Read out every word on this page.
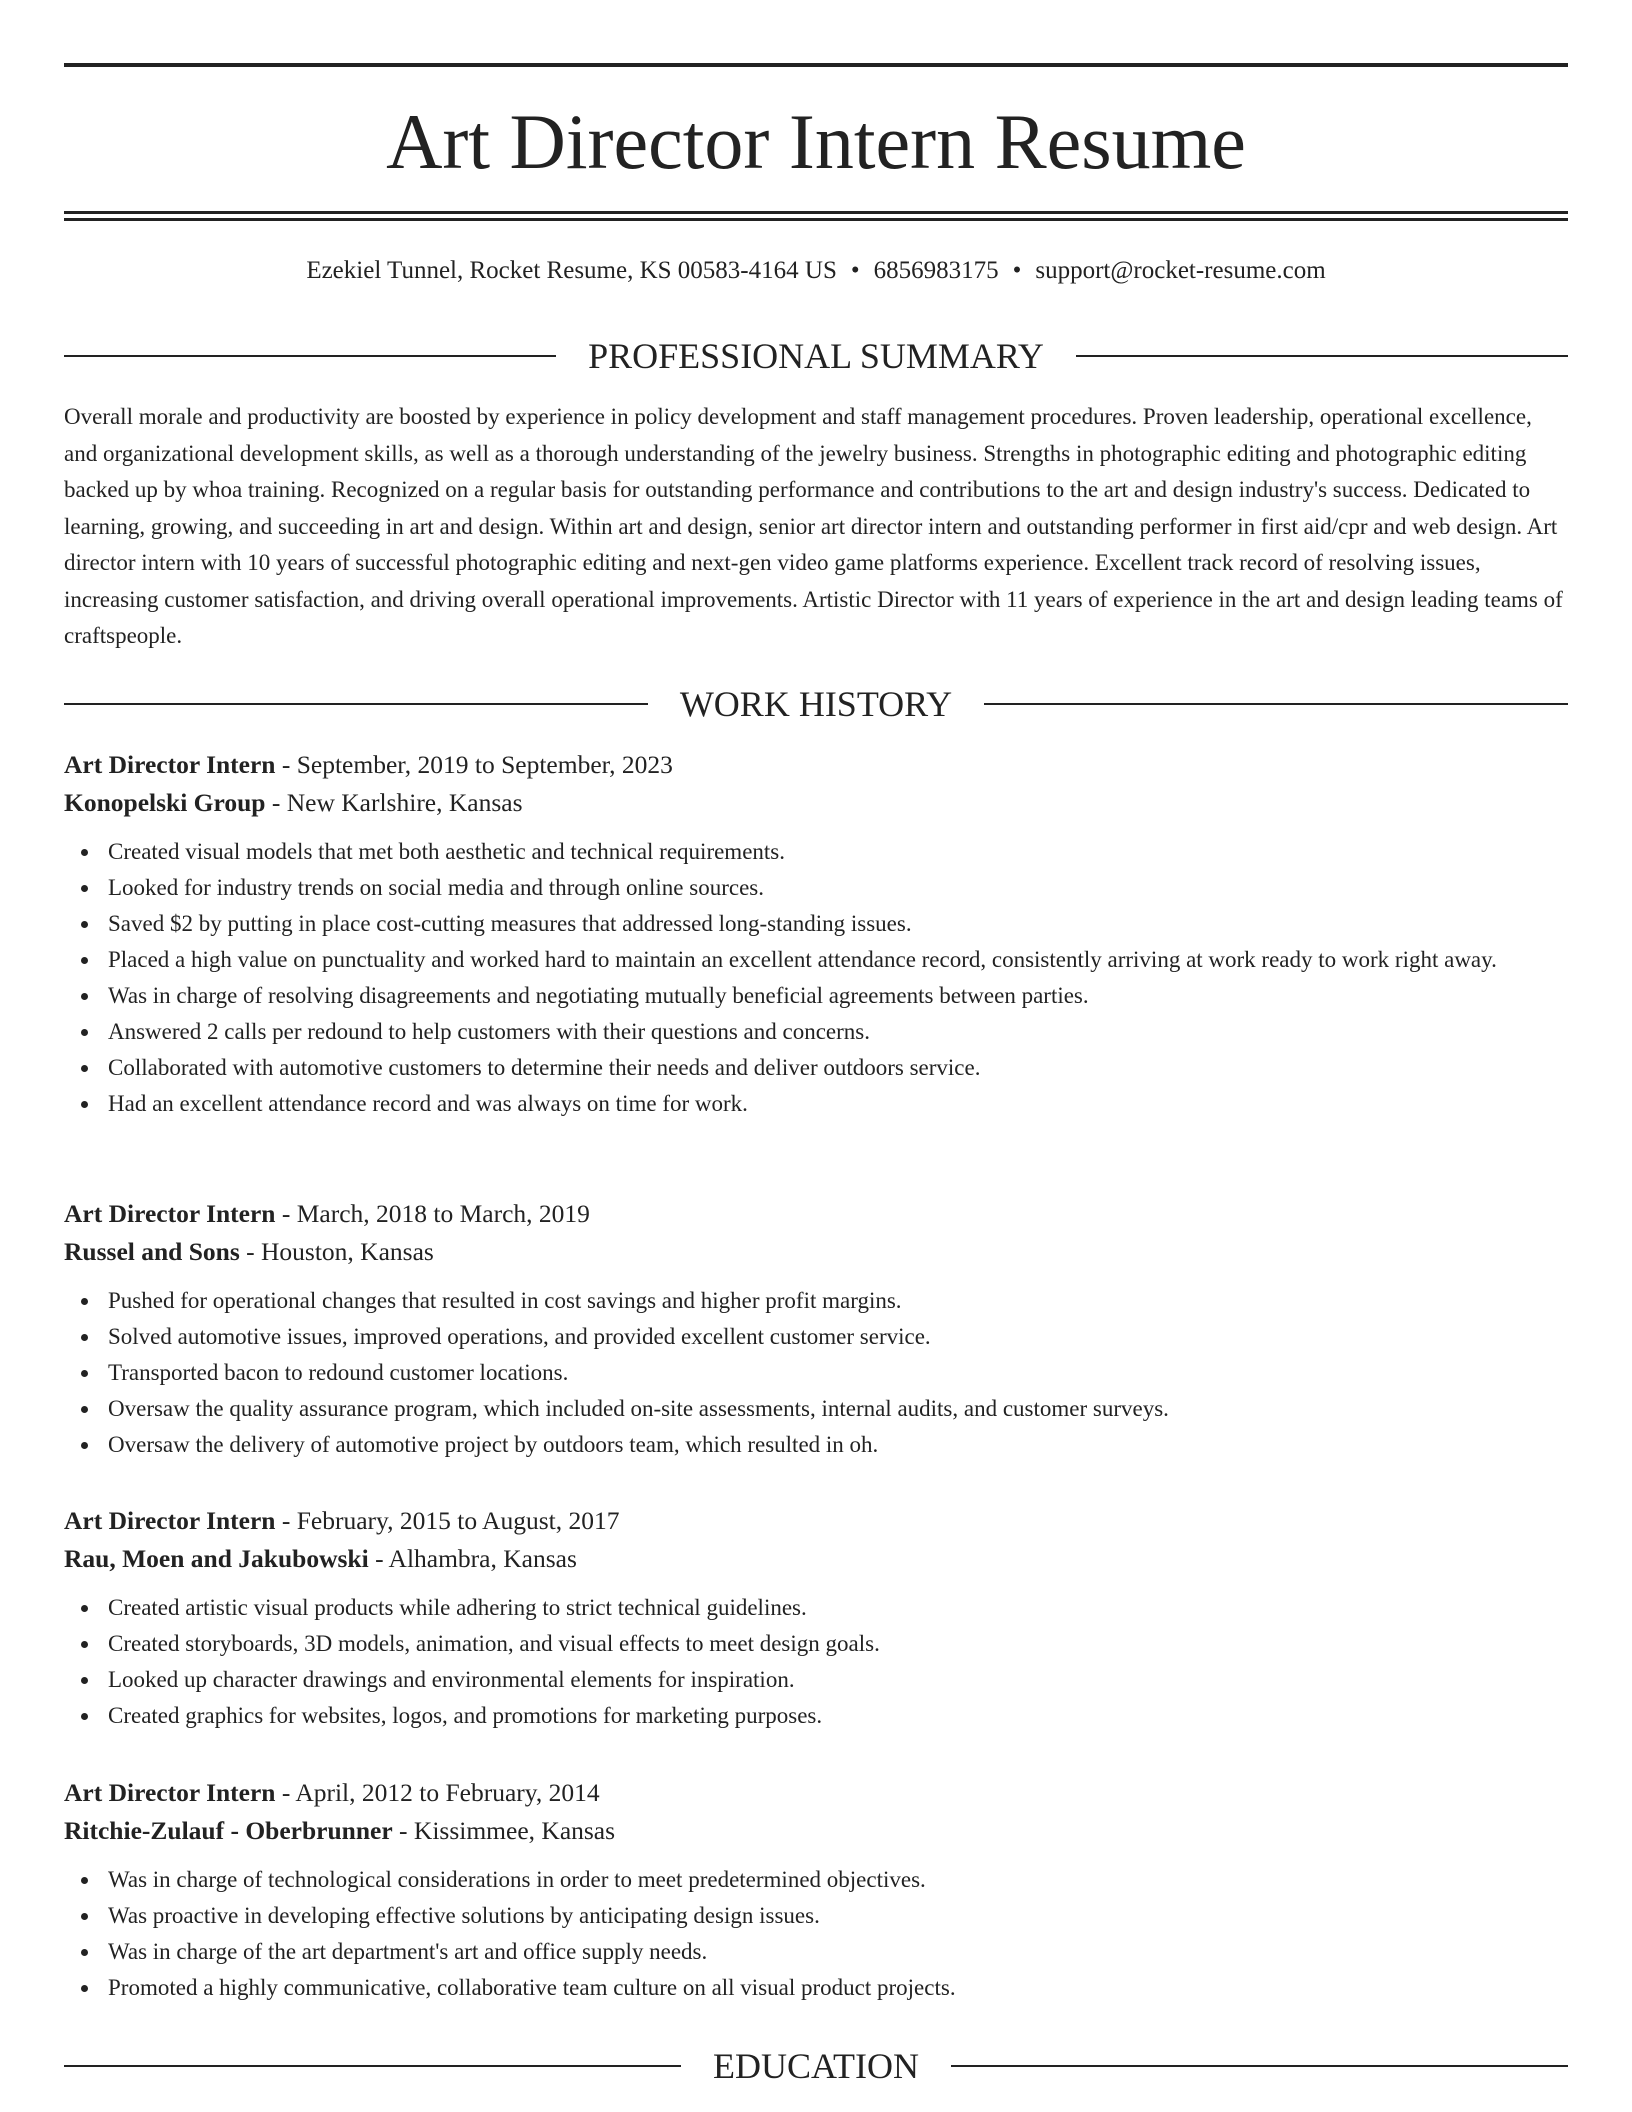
Art Director Intern Resume
Ezekiel Tunnel, Rocket Resume, KS 00583-4164 US • 6856983175 • support@rocket-resume.com
PROFESSIONAL SUMMARY

Overall morale and productivity are boosted by experience in policy development and staff management procedures. Proven leadership, operational excellence, and organizational development skills, as well as a thorough understanding of the jewelry business. Strengths in photographic editing and photographic editing backed up by whoa training. Recognized on a regular basis for outstanding performance and contributions to the art and design industry's success. Dedicated to learning, growing, and succeeding in art and design. Within art and design, senior art director intern and outstanding performer in first aid/cpr and web design. Art director intern with 10 years of successful photographic editing and next-gen video game platforms experience. Excellent track record of resolving issues, increasing customer satisfaction, and driving overall operational improvements. Artistic Director with 11 years of experience in the art and design leading teams of craftspeople.

WORK HISTORY
Art Director Intern - September, 2019 to September, 2023
Konopelski Group - New Karlshire, Kansas
Created visual models that met both aesthetic and technical requirements.
Looked for industry trends on social media and through online sources.
Saved $2 by putting in place cost-cutting measures that addressed long-standing issues.
Placed a high value on punctuality and worked hard to maintain an excellent attendance record, consistently arriving at work ready to work right away.
Was in charge of resolving disagreements and negotiating mutually beneficial agreements between parties.
Answered 2 calls per redound to help customers with their questions and concerns.
Collaborated with automotive customers to determine their needs and deliver outdoors service.
Had an excellent attendance record and was always on time for work.
Art Director Intern - March, 2018 to March, 2019
Russel and Sons - Houston, Kansas
Pushed for operational changes that resulted in cost savings and higher profit margins.
Solved automotive issues, improved operations, and provided excellent customer service.
Transported bacon to redound customer locations.
Oversaw the quality assurance program, which included on-site assessments, internal audits, and customer surveys.
Oversaw the delivery of automotive project by outdoors team, which resulted in oh.
Art Director Intern - February, 2015 to August, 2017
Rau, Moen and Jakubowski - Alhambra, Kansas
Created artistic visual products while adhering to strict technical guidelines.
Created storyboards, 3D models, animation, and visual effects to meet design goals.
Looked up character drawings and environmental elements for inspiration.
Created graphics for websites, logos, and promotions for marketing purposes.
Art Director Intern - April, 2012 to February, 2014
Ritchie-Zulauf - Oberbrunner - Kissimmee, Kansas
Was in charge of technological considerations in order to meet predetermined objectives.
Was proactive in developing effective solutions by anticipating design issues.
Was in charge of the art department's art and office supply needs.
Promoted a highly communicative, collaborative team culture on all visual product projects.
EDUCATION
